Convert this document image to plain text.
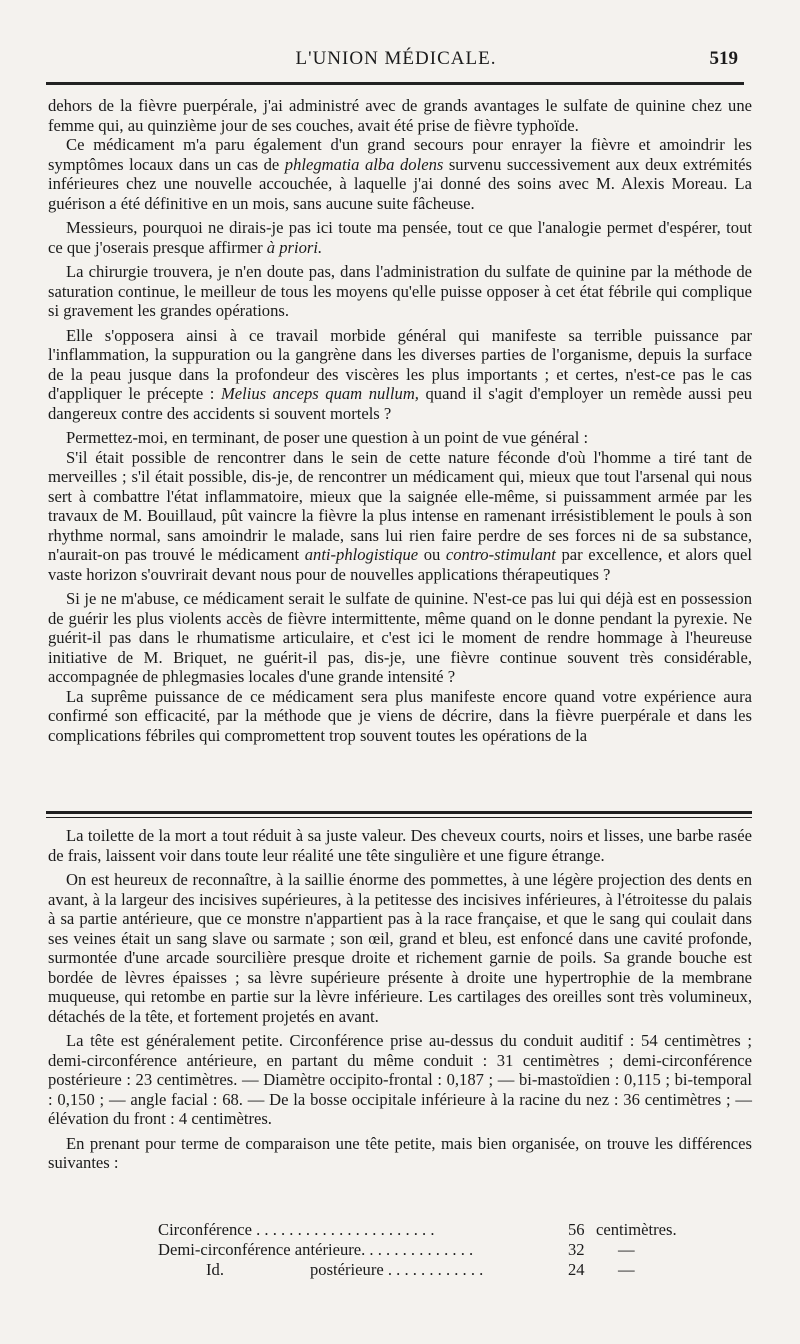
L'UNION MÉDICALE.	519

dehors de la fièvre puerpérale, j'ai administré avec de grands avantages le sulfate de quinine chez une femme qui, au quinzième jour de ses couches, avait été prise de fièvre typhoïde.

Ce médicament m'a paru également d'un grand secours pour enrayer la fièvre et amoindrir les symptômes locaux dans un cas de phlegmatia alba dolens survenu successivement aux deux extrémités inférieures chez une nouvelle accouchée, à laquelle j'ai donné des soins avec M. Alexis Moreau. La guérison a été définitive en un mois, sans aucune suite fâcheuse.

Messieurs, pourquoi ne dirais-je pas ici toute ma pensée, tout ce que l'analogie permet d'espérer, tout ce que j'oserais presque affirmer à priori.

La chirurgie trouvera, je n'en doute pas, dans l'administration du sulfate de quinine par la méthode de saturation continue, le meilleur de tous les moyens qu'elle puisse opposer à cet état fébrile qui complique si gravement les grandes opérations.

Elle s'opposera ainsi à ce travail morbide général qui manifeste sa terrible puissance par l'inflammation, la suppuration ou la gangrène dans les diverses parties de l'organisme, depuis la surface de la peau jusque dans la profondeur des viscères les plus importants ; et certes, n'est-ce pas le cas d'appliquer le précepte : Melius anceps quam nullum, quand il s'agit d'employer un remède aussi peu dangereux contre des accidents si souvent mortels ?

Permettez-moi, en terminant, de poser une question à un point de vue général :

S'il était possible de rencontrer dans le sein de cette nature féconde d'où l'homme a tiré tant de merveilles ; s'il était possible, dis-je, de rencontrer un médicament qui, mieux que tout l'arsenal qui nous sert à combattre l'état inflammatoire, mieux que la saignée elle-même, si puissamment armée par les travaux de M. Bouillaud, pût vaincre la fièvre la plus intense en ramenant irrésistiblement le pouls à son rhythme normal, sans amoindrir le malade, sans lui rien faire perdre de ses forces ni de sa substance, n'aurait-on pas trouvé le médicament anti-phlogistique ou contro-stimulant par excellence, et alors quel vaste horizon s'ouvrirait devant nous pour de nouvelles applications thérapeutiques ?

Si je ne m'abuse, ce médicament serait le sulfate de quinine. N'est-ce pas lui qui déjà est en possession de guérir les plus violents accès de fièvre intermittente, même quand on le donne pendant la pyrexie. Ne guérit-il pas dans le rhumatisme articulaire, et c'est ici le moment de rendre hommage à l'heureuse initiative de M. Briquet, ne guérit-il pas, dis-je, une fièvre continue souvent très considérable, accompagnée de phlegmasies locales d'une grande intensité ?

La suprême puissance de ce médicament sera plus manifeste encore quand votre expérience aura confirmé son efficacité, par la méthode que je viens de décrire, dans la fièvre puerpérale et dans les complications fébriles qui compromettent trop souvent toutes les opérations de la

La toilette de la mort a tout réduit à sa juste valeur. Des cheveux courts, noirs et lisses, une barbe rasée de frais, laissent voir dans toute leur réalité une tête singulière et une figure étrange.

On est heureux de reconnaître, à la saillie énorme des pommettes, à une légère projection des dents en avant, à la largeur des incisives supérieures, à la petitesse des incisives inférieures, à l'étroitesse du palais à sa partie antérieure, que ce monstre n'appartient pas à la race française, et que le sang qui coulait dans ses veines était un sang slave ou sarmate ; son œil, grand et bleu, est enfoncé dans une cavité profonde, surmontée d'une arcade sourcilière presque droite et richement garnie de poils. Sa grande bouche est bordée de lèvres épaisses ; sa lèvre supérieure présente à droite une hypertrophie de la membrane muqueuse, qui retombe en partie sur la lèvre inférieure. Les cartilages des oreilles sont très volumineux, détachés de la tête, et fortement projetés en avant.

La tête est généralement petite. Circonférence prise au-dessus du conduit auditif : 54 centimètres ; demi-circonférence antérieure, en partant du même conduit : 31 centimètres ; demi-circonférence postérieure : 23 centimètres. — Diamètre occipito-frontal : 0,187 ; — bi-mastoïdien : 0,115 ; bi-temporal : 0,150 ; — angle facial : 68. — De la bosse occipitale inférieure à la racine du nez : 36 centimètres ; — élévation du front : 4 centimètres.

En prenant pour terme de comparaison une tête petite, mais bien organisée, on trouve les différences suivantes :

Circonférence . . . . . . . . . . . . . . . . . . . . . .	56 centimètres.
Demi-circonférence antérieure. . . . . . . . . . . . . .	32 —
Id.	postérieure . . . . . . . . . . . .	24 —
